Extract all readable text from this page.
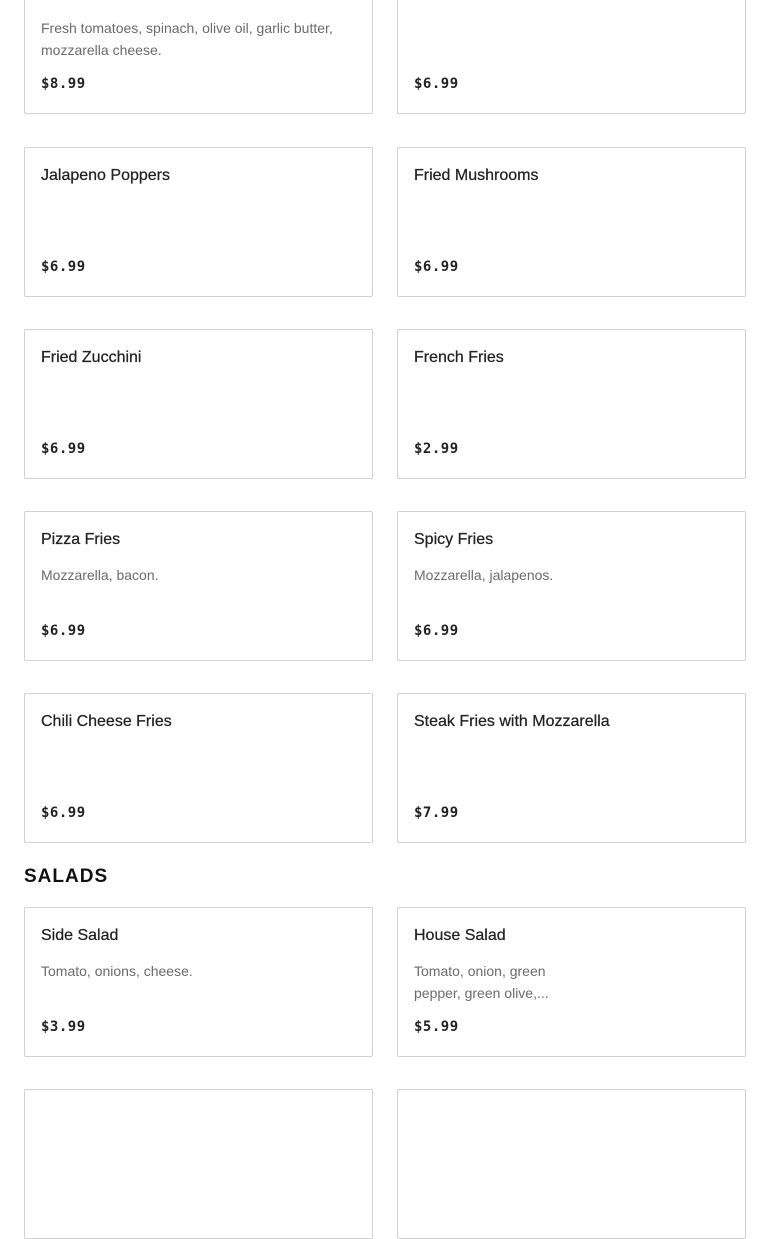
Fresh tomatoes, spinach, olive oil, garlic butter, mozzarella cheese.
$8.99	$6.99
Jalapeno Poppers
$6.99
Fried Mushrooms
$6.99
Fried Zucchini
$6.99
French Fries
$2.99
Pizza Fries
Mozzarella, bacon.
$6.99
Spicy Fries
Mozzarella, jalapenos.
$6.99
Chili Cheese Fries
$6.99
Steak Fries with Mozzarella
$7.99
SALADS
Side Salad
Tomato, onions, cheese.
$3.99
House Salad
Tomato, onion, green pepper, green olive,...
$5.99
